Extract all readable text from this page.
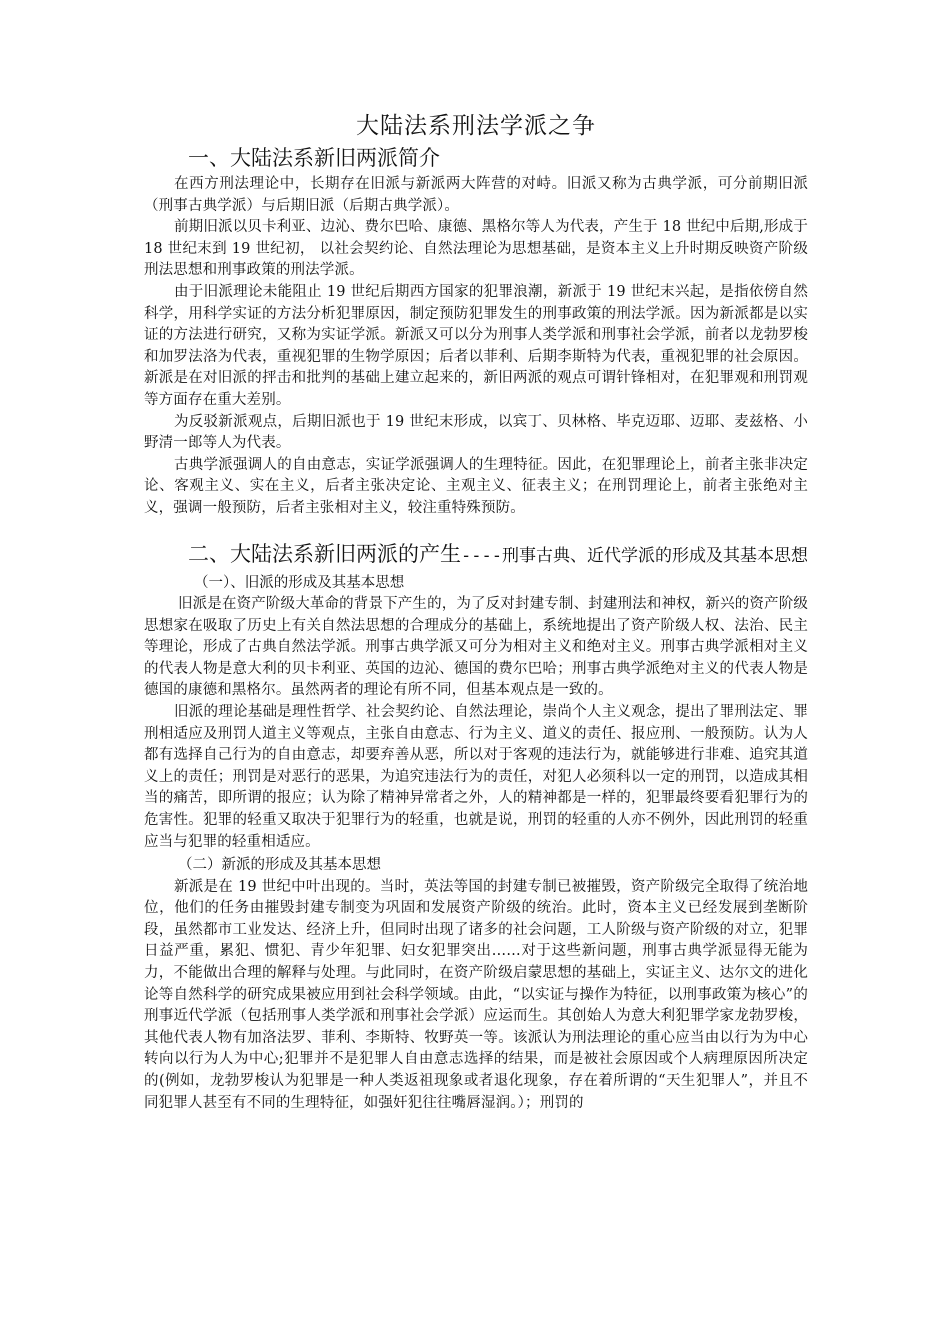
大陆法系刑法学派之争
一、大陆法系新旧两派简介

在西方刑法理论中，长期存在旧派与新派两大阵营的对峙。旧派又称为古典学派，可分前期旧派（刑事古典学派）与后期旧派（后期古典学派）。

前期旧派以贝卡利亚、边沁、费尔巴哈、康德、黑格尔等人为代表，产生于 18 世纪中后期,形成于 18 世纪末到 19 世纪初， 以社会契约论、自然法理论为思想基础，是资本主义上升时期反映资产阶级刑法思想和刑事政策的刑法学派。

由于旧派理论未能阻止 19 世纪后期西方国家的犯罪浪潮，新派于 19 世纪末兴起，是指依傍自然科学，用科学实证的方法分析犯罪原因，制定预防犯罪发生的刑事政策的刑法学派。因为新派都是以实证的方法进行研究，又称为实证学派。新派又可以分为刑事人类学派和刑事社会学派，前者以龙勃罗梭和加罗法洛为代表，重视犯罪的生物学原因；后者以菲利、后期李斯特为代表，重视犯罪的社会原因。新派是在对旧派的抨击和批判的基础上建立起来的，新旧两派的观点可谓针锋相对，在犯罪观和刑罚观等方面存在重大差别。

为反驳新派观点，后期旧派也于 19 世纪末形成，以宾丁、贝林格、毕克迈耶、迈耶、麦兹格、小野清一郎等人为代表。

古典学派强调人的自由意志，实证学派强调人的生理特征。因此，在犯罪理论上，前者主张非决定论、客观主义、实在主义，后者主张决定论、主观主义、征表主义；在刑罚理论上，前者主张绝对主义，强调一般预防，后者主张相对主义，较注重特殊预防。

二、大陆法系新旧两派的产生----刑事古典、近代学派的形成及其基本思想
（一）、旧派的形成及其基本思想

旧派是在资产阶级大革命的背景下产生的，为了反对封建专制、封建刑法和神权，新兴的资产阶级思想家在吸取了历史上有关自然法思想的合理成分的基础上，系统地提出了资产阶级人权、法治、民主等理论，形成了古典自然法学派。刑事古典学派又可分为相对主义和绝对主义。刑事古典学派相对主义的代表人物是意大利的贝卡利亚、英国的边沁、德国的费尔巴哈；刑事古典学派绝对主义的代表人物是德国的康德和黑格尔。虽然两者的理论有所不同，但基本观点是一致的。

旧派的理论基础是理性哲学、社会契约论、自然法理论，崇尚个人主义观念，提出了罪刑法定、罪刑相适应及刑罚人道主义等观点，主张自由意志、行为主义、道义的责任、报应刑、一般预防。认为人都有选择自己行为的自由意志，却要弃善从恶，所以对于客观的违法行为，就能够进行非难、追究其道义上的责任；刑罚是对恶行的恶果，为追究违法行为的责任，对犯人必须科以一定的刑罚，以造成其相当的痛苦，即所谓的报应；认为除了精神异常者之外，人的精神都是一样的，犯罪最终要看犯罪行为的危害性。犯罪的轻重又取决于犯罪行为的轻重，也就是说，刑罚的轻重的人亦不例外，因此刑罚的轻重应当与犯罪的轻重相适应。

（二）新派的形成及其基本思想

新派是在 19 世纪中叶出现的。当时，英法等国的封建专制已被摧毁，资产阶级完全取得了统治地位，他们的任务由摧毁封建专制变为巩固和发展资产阶级的统治。此时，资本主义已经发展到垄断阶段，虽然都市工业发达、经济上升，但同时出现了诸多的社会问题，工人阶级与资产阶级的对立，犯罪日益严重，累犯、惯犯、青少年犯罪、妇女犯罪突出……对于这些新问题，刑事古典学派显得无能为力，不能做出合理的解释与处理。与此同时，在资产阶级启蒙思想的基础上，实证主义、达尔文的进化论等自然科学的研究成果被应用到社会科学领域。由此，“以实证与操作为特征，以刑事政策为核心”的刑事近代学派（包括刑事人类学派和刑事社会学派）应运而生。其创始人为意大利犯罪学家龙勃罗梭，其他代表人物有加洛法罗、菲利、李斯特、牧野英一等。该派认为刑法理论的重心应当由以行为为中心转向以行为人为中心;犯罪并不是犯罪人自由意志选择的结果，而是被社会原因或个人病理原因所决定的(例如，龙勃罗梭认为犯罪是一种人类返祖现象或者退化现象，存在着所谓的“天生犯罪人”，并且不同犯罪人甚至有不同的生理特征，如强奸犯往往嘴唇湿润。）；刑罚的
